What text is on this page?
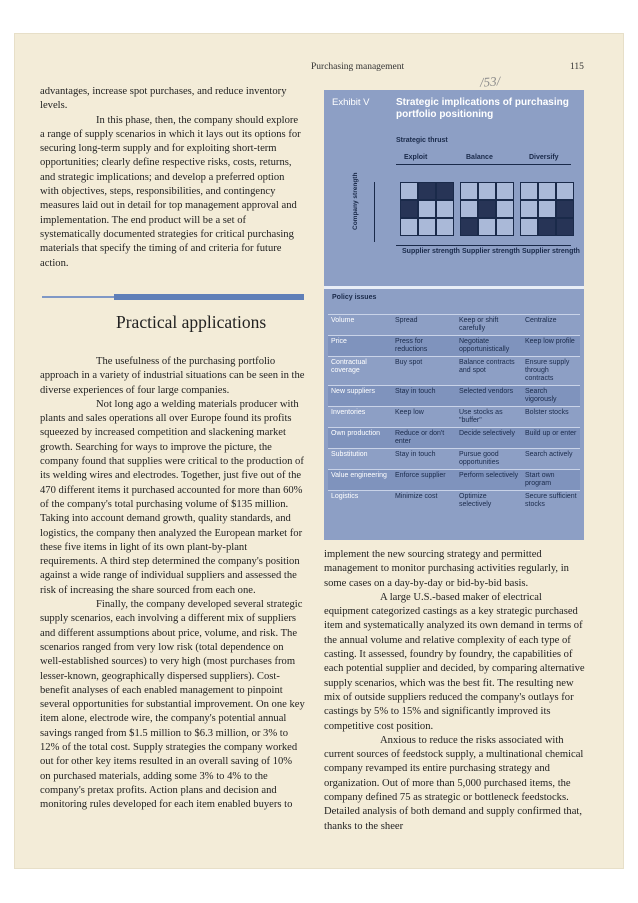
Purchasing management	115
/53/

advantages, increase spot purchases, and reduce inventory levels.

In this phase, then, the company should explore a range of supply scenarios in which it lays out its options for securing long-term supply and for exploiting short-term opportunities; clearly define respective risks, costs, returns, and strategic implications; and develop a preferred option with objectives, steps, responsibilities, and contingency measures laid out in detail for top management approval and implementation. The end product will be a set of systematically documented strategies for critical purchasing materials that specify the timing of and criteria for future action.

Practical applications

The usefulness of the purchasing portfolio approach in a variety of industrial situations can be seen in the diverse experiences of four large companies.

Not long ago a welding materials producer with plants and sales operations all over Europe found its profits squeezed by increased competition and slackening market growth. Searching for ways to improve the picture, the company found that supplies were critical to the production of its welding wires and electrodes. Together, just five out of the 470 different items it purchased accounted for more than 60% of the company's total purchasing volume of $135 million. Taking into account demand growth, quality standards, and logistics, the company then analyzed the European market for these five items in light of its own plant-by-plant requirements. A third step determined the company's position against a wide range of individual suppliers and assessed the risk of increasing the share sourced from each one.

Finally, the company developed several strategic supply scenarios, each involving a different mix of suppliers and different assumptions about price, volume, and risk. The scenarios ranged from very low risk (total dependence on well-established sources) to very high (most purchases from lesser-known, geographically dispersed suppliers). Cost-benefit analyses of each enabled management to pinpoint several opportunities for substantial improvement. On one key item alone, electrode wire, the company's potential annual savings ranged from $1.5 million to $6.3 million, or 3% to 12% of the total cost. Supply strategies the company worked out for other key items resulted in an overall saving of 10% on purchased materials, adding some 3% to 4% to the company's pretax profits. Action plans and decision and monitoring rules developed for each item enabled buyers to

Exhibit V	Strategic implications of purchasing portfolio positioning
Strategic thrust
Exploit	Balance	Diversify
Company strength
Supplier strength Supplier strength Supplier strength
Policy issues
Volume	Spread	Keep or shift carefully	Centralize
Price	Press for reductions	Negotiate opportunistically	Keep low profile
Contractual coverage	Buy spot	Balance contracts and spot	Ensure supply through contracts
New suppliers	Stay in touch	Selected vendors	Search vigorously
Inventories	Keep low	Use stocks as "buffer"	Bolster stocks
Own production	Reduce or don't enter	Decide selectively	Build up or enter
Substitution	Stay in touch	Pursue good opportunities	Search actively
Value engineering	Enforce supplier	Perform selectively	Start own program
Logistics	Minimize cost	Optimize selectively	Secure sufficient stocks

implement the new sourcing strategy and permitted management to monitor purchasing activities regularly, in some cases on a day-by-day or bid-by-bid basis.

A large U.S.-based maker of electrical equipment categorized castings as a key strategic purchased item and systematically analyzed its own demand in terms of the annual volume and relative complexity of each type of casting. It assessed, foundry by foundry, the capabilities of each potential supplier and decided, by comparing alternative supply scenarios, which was the best fit. The resulting new mix of outside suppliers reduced the company's outlays for castings by 5% to 15% and significantly improved its competitive cost position.

Anxious to reduce the risks associated with current sources of feedstock supply, a multinational chemical company revamped its entire purchasing strategy and organization. Out of more than 5,000 purchased items, the company defined 75 as strategic or bottleneck feedstocks. Detailed analysis of both demand and supply confirmed that, thanks to the sheer
